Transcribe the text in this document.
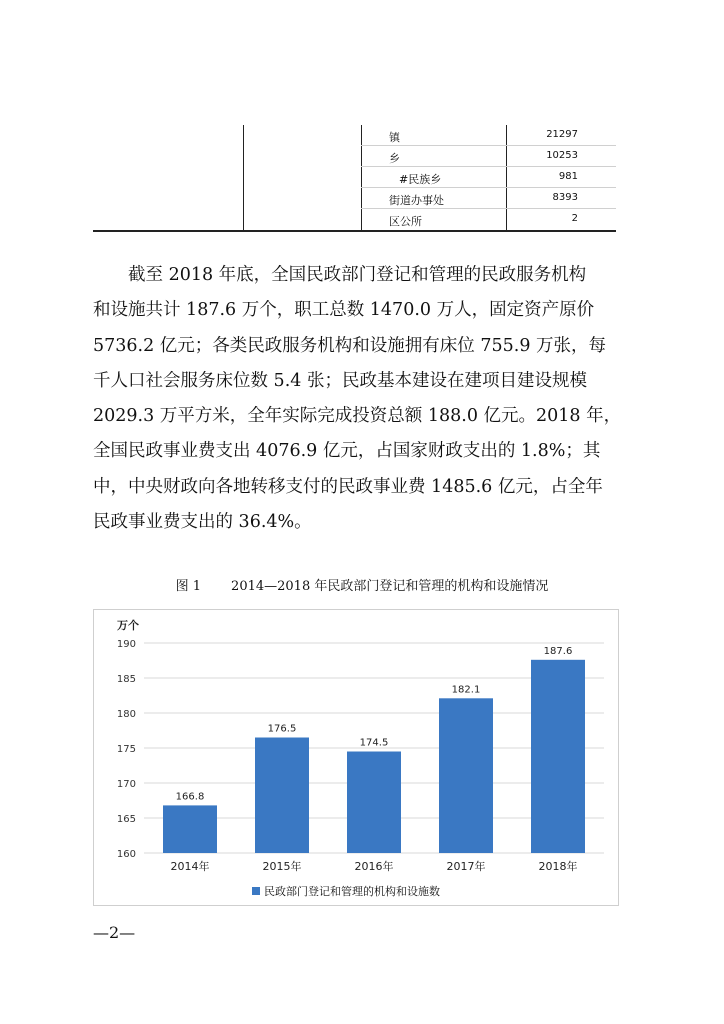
镇	21297
乡	10253
#民族乡	981
街道办事处	8393
区公所	2
截至 2018 年底，全国民政部门登记和管理的民政服务机构
和设施共计 187.6 万个，职工总数 1470.0 万人，固定资产原价
5736.2 亿元；各类民政服务机构和设施拥有床位 755.9 万张，每
千人口社会服务床位数 5.4 张；民政基本建设在建项目建设规模
2029.3 万平方米，全年实际完成投资总额 188.0 亿元。2018 年，
全国民政事业费支出 4076.9 亿元，占国家财政支出的 1.8%；其
中，中央财政向各地转移支付的民政事业费 1485.6 亿元，占全年
民政事业费支出的 36.4%。
图 1 2014—2018 年民政部门登记和管理的机构和设施情况
万个
160
165
170
175
180
185
190
166.8
2014年
176.5
2015年
174.5
2016年
182.1
2017年
187.6
2018年
民政部门登记和管理的机构和设施数
—2—
